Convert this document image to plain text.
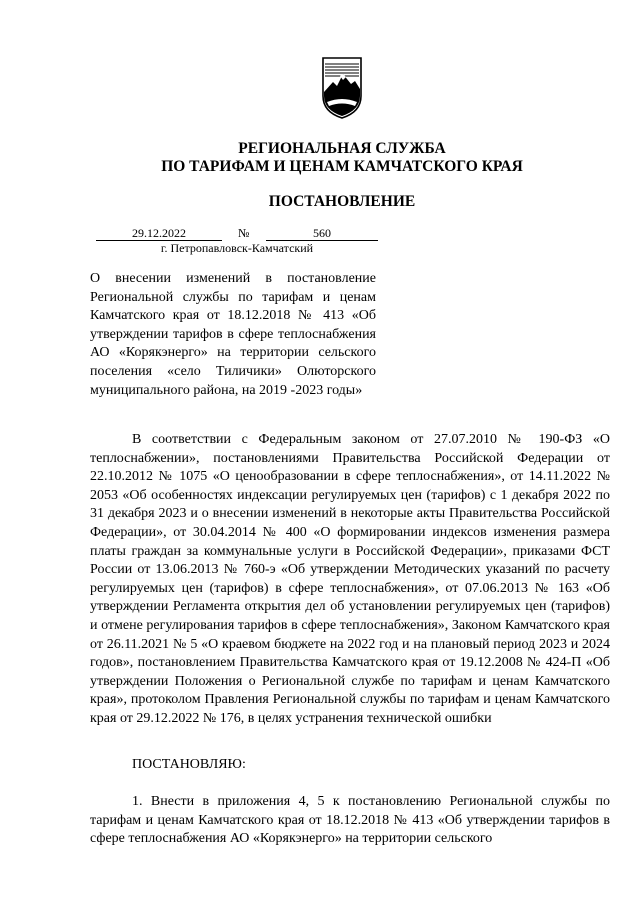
РЕГИОНАЛЬНАЯ СЛУЖБА
ПО ТАРИФАМ И ЦЕНАМ КАМЧАТСКОГО КРАЯ
ПОСТАНОВЛЕНИЕ
29.12.2022	№	560
г. Петропавловск-Камчатский

О внесении изменений в постановление Региональной службы по тарифам и ценам Камчатского края от 18.12.2018 № 413 «Об утверждении тарифов в сфере теплоснабжения АО «Корякэнерго» на территории сельского поселения «село Тиличики» Олюторского муниципального района, на 2019 -2023 годы»

В соответствии с Федеральным законом от 27.07.2010 № 190-ФЗ «О теплоснабжении», постановлениями Правительства Российской Федерации от 22.10.2012 № 1075 «О ценообразовании в сфере теплоснабжения», от 14.11.2022 № 2053 «Об особенностях индексации регулируемых цен (тарифов) с 1 декабря 2022 по 31 декабря 2023 и о внесении изменений в некоторые акты Правительства Российской Федерации», от 30.04.2014 № 400 «О формировании индексов изменения размера платы граждан за коммунальные услуги в Российской Федерации», приказами ФСТ России от 13.06.2013 № 760-э «Об утверждении Методических указаний по расчету регулируемых цен (тарифов) в сфере теплоснабжения», от 07.06.2013 № 163 «Об утверждении Регламента открытия дел об установлении регулируемых цен (тарифов) и отмене регулирования тарифов в сфере теплоснабжения», Законом Камчатского края от 26.11.2021 № 5 «О краевом бюджете на 2022 год и на плановый период 2023 и 2024 годов», постановлением Правительства Камчатского края от 19.12.2008 № 424-П «Об утверждении Положения о Региональной службе по тарифам и ценам Камчатского края», протоколом Правления Региональной службы по тарифам и ценам Камчатского края от 29.12.2022 № 176, в целях устранения технической ошибки

ПОСТАНОВЛЯЮ:

1. Внести в приложения 4, 5 к постановлению Региональной службы по тарифам и ценам Камчатского края от 18.12.2018 № 413 «Об утверждении тарифов в сфере теплоснабжения АО «Корякэнерго» на территории сельского
